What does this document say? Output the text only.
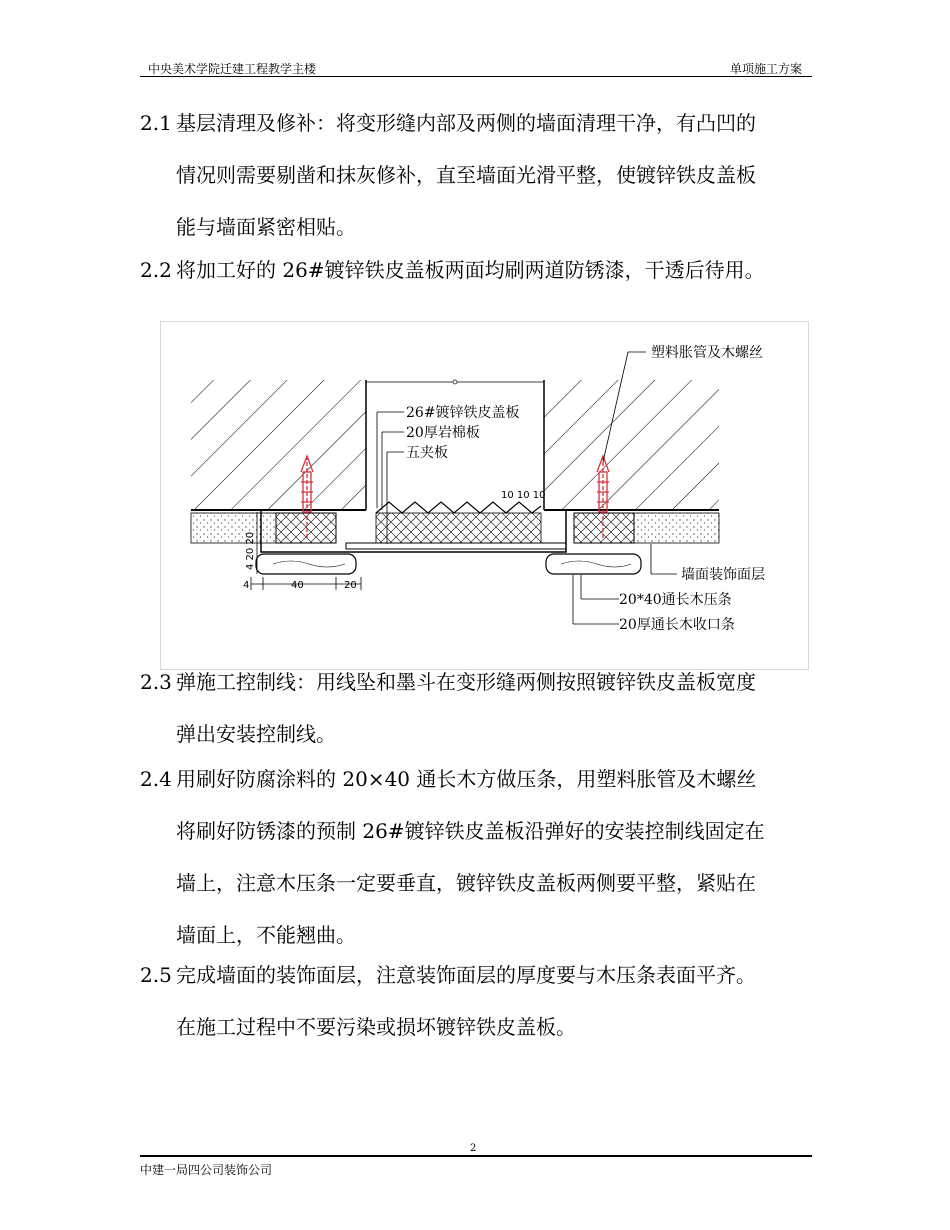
中央美术学院迁建工程教学主楼	单项施工方案
2.1 基层清理及修补：将变形缝内部及两侧的墙面清理干净，有凸凹的
情况则需要剔凿和抹灰修补，直至墙面光滑平整，使镀锌铁皮盖板
能与墙面紧密相贴。
2.2 将加工好的 26#镀锌铁皮盖板两面均刷两道防锈漆，干透后待用。
塑料胀管及木螺丝
26#镀锌铁皮盖板
20厚岩棉板
五夹板
10 10 10
墙面装饰面层
20*40通长木压条
20厚通长木收口条
4	40	20
4 20 20
2.3 弹施工控制线：用线坠和墨斗在变形缝两侧按照镀锌铁皮盖板宽度
弹出安装控制线。
2.4 用刷好防腐涂料的 20×40 通长木方做压条，用塑料胀管及木螺丝
将刷好防锈漆的预制 26#镀锌铁皮盖板沿弹好的安装控制线固定在
墙上，注意木压条一定要垂直，镀锌铁皮盖板两侧要平整，紧贴在
墙面上，不能翘曲。
2.5 完成墙面的装饰面层，注意装饰面层的厚度要与木压条表面平齐。
在施工过程中不要污染或损坏镀锌铁皮盖板。
2
中建一局四公司装饰公司
